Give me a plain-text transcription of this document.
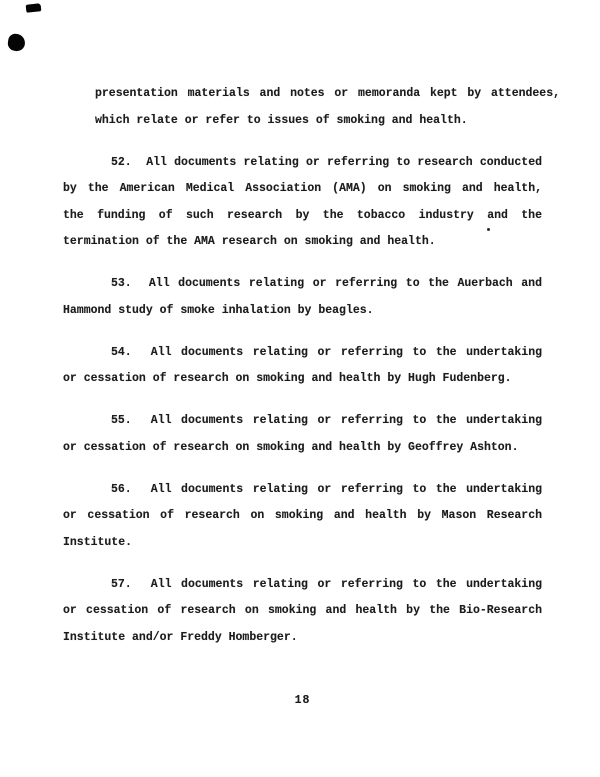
presentation materials and notes or memoranda kept by attendees,
which relate or refer to issues of smoking and health.
52.  All documents relating or referring to research conducted
by the American Medical Association (AMA) on smoking and health,
the funding of such research by the tobacco industry and the
termination of the AMA research on smoking and health.
53.  All documents relating or referring to the Auerbach and
Hammond study of smoke inhalation by beagles.
54.  All documents relating or referring to the undertaking
or cessation of research on smoking and health by Hugh Fudenberg.
55.  All documents relating or referring to the undertaking
or cessation of research on smoking and health by Geoffrey Ashton.
56.  All documents relating or referring to the undertaking
or cessation of research on smoking and health by Mason Research
Institute.
57.  All documents relating or referring to the undertaking
or cessation of research on smoking and health by the Bio-Research
Institute and/or Freddy Homberger.
18
